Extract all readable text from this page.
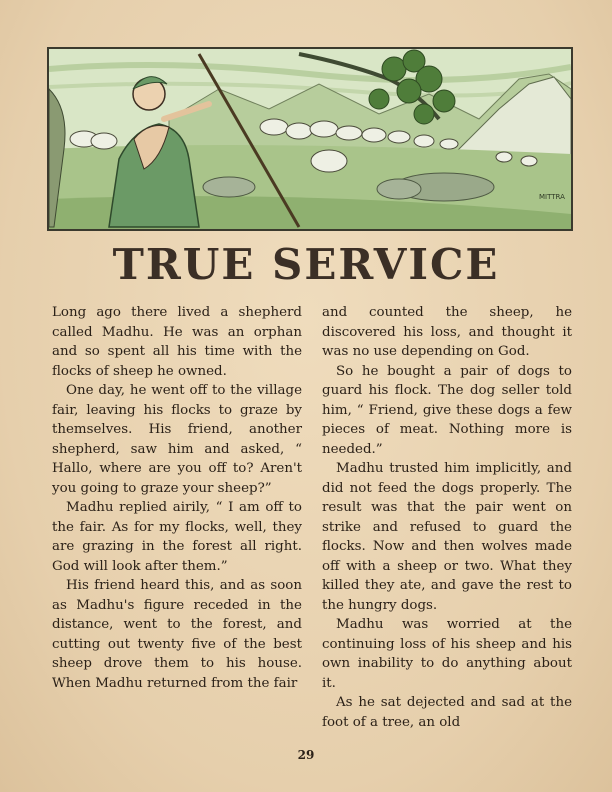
MITTRA
TRUE SERVICE

Long ago there lived a shepherd called Madhu. He was an orphan and so spent all his time with the flocks of sheep he owned.

One day, he went off to the village fair, leaving his flocks to graze by themselves. His friend, another shepherd, saw him and asked, “ Hallo, where are you off to? Aren't you going to graze your sheep?”

Madhu replied airily, “ I am off to the fair. As for my flocks, well, they are grazing in the forest all right. God will look after them.”

His friend heard this, and as soon as Madhu's figure receded in the distance, went to the forest, and cutting out twenty five of the best sheep drove them to his house. When Madhu returned from the fair

and counted the sheep, he discovered his loss, and thought it was no use depending on God.

So he bought a pair of dogs to guard his flock. The dog seller told him, “ Friend, give these dogs a few pieces of meat. Nothing more is needed.”

Madhu trusted him implicitly, and did not feed the dogs properly. The result was that the pair went on strike and refused to guard the flocks. Now and then wolves made off with a sheep or two. What they killed they ate, and gave the rest to the hungry dogs.

Madhu was worried at the continuing loss of his sheep and his own inability to do anything about it.

As he sat dejected and sad at the foot of a tree, an old

29
